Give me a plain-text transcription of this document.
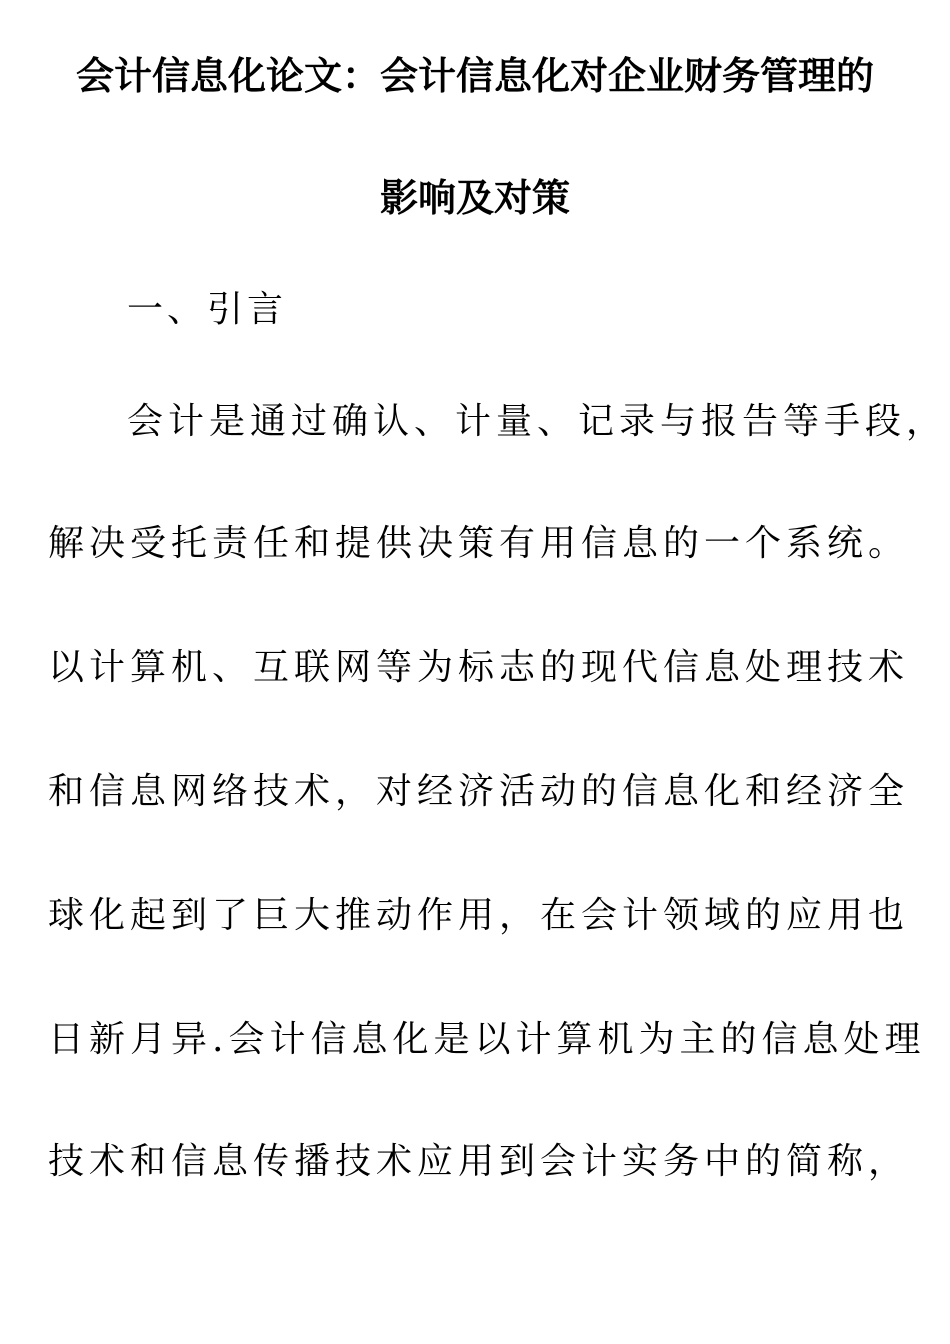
会计信息化论文：会计信息化对企业财务管理的
影响及对策
一、引言
会计是通过确认、计量、记录与报告等手段，
解决受托责任和提供决策有用信息的一个系统。
以计算机、互联网等为标志的现代信息处理技术
和信息网络技术，对经济活动的信息化和经济全
球化起到了巨大推动作用，在会计领域的应用也
日新月异.会计信息化是以计算机为主的信息处理
技术和信息传播技术应用到会计实务中的简称，
